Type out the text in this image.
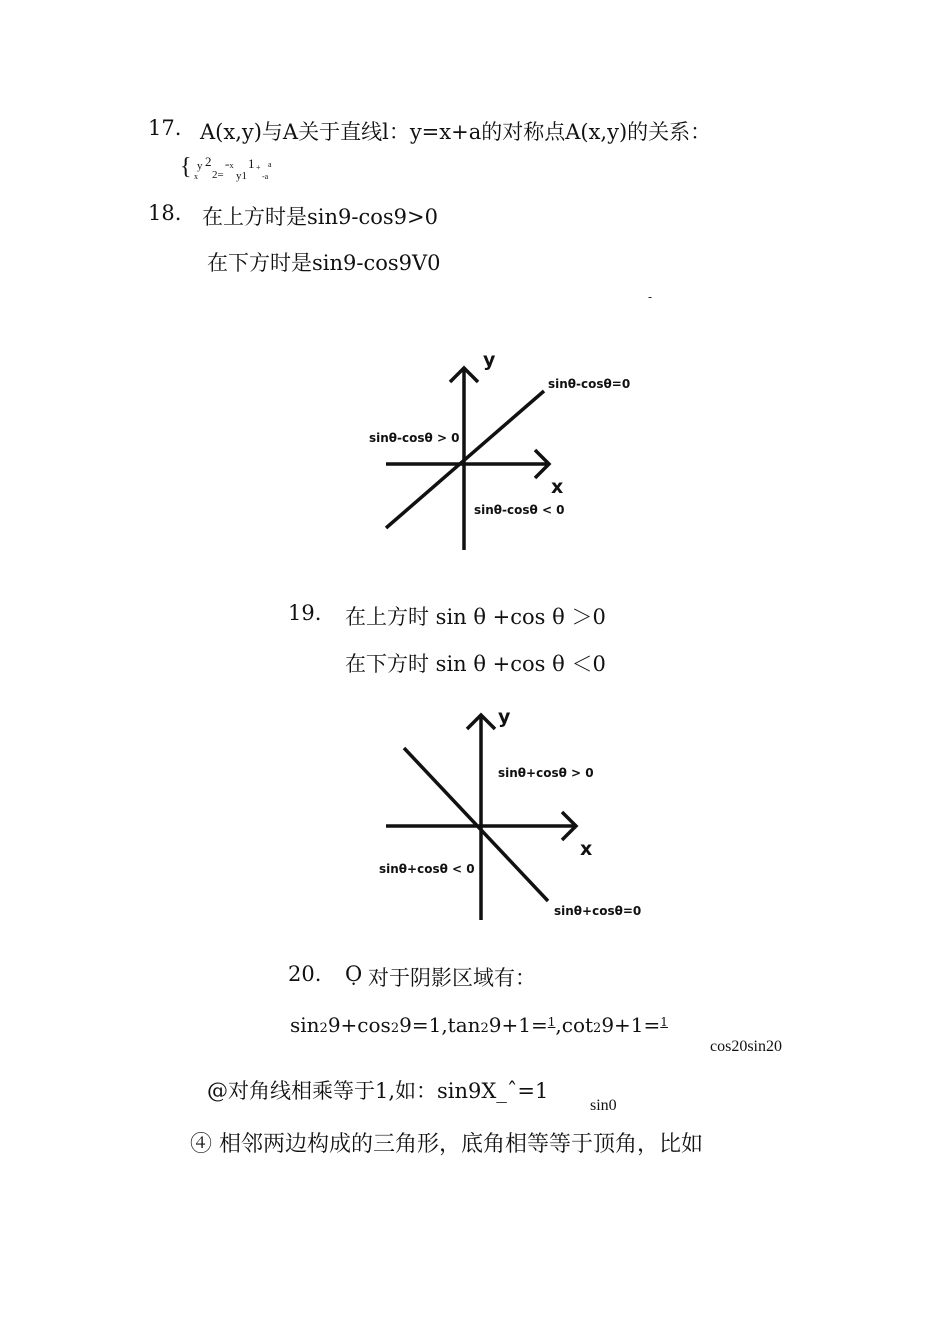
17. A(x,y)与A关于直线l：y=x+a的对称点A(x,y)的关系：
{ y 2 =x 1 + a
x 2= y1 -a
18. 在上方时是sin9-cos9>0
在下方时是sin9-cos9V0
-
y
x
sinθ-cosθ=0
sinθ-cosθ > 0
sinθ-cosθ < 0
19. 在上方时 sin θ +cos θ ＞0
在下方时 sin θ +cos θ ＜0
y
x
sinθ+cosθ > 0
sinθ+cosθ < 0
sinθ+cosθ=0
20. Ọ 对于阴影区域有：
sin29+cos29=1,tan29+1=$^1$,cot29+1=$^1$
cos20sin20
@对角线相乘等于1,如：sin9X_ˆ=1
sin0
④ 相邻两边构成的三角形，底角相等等于顶角，比如
